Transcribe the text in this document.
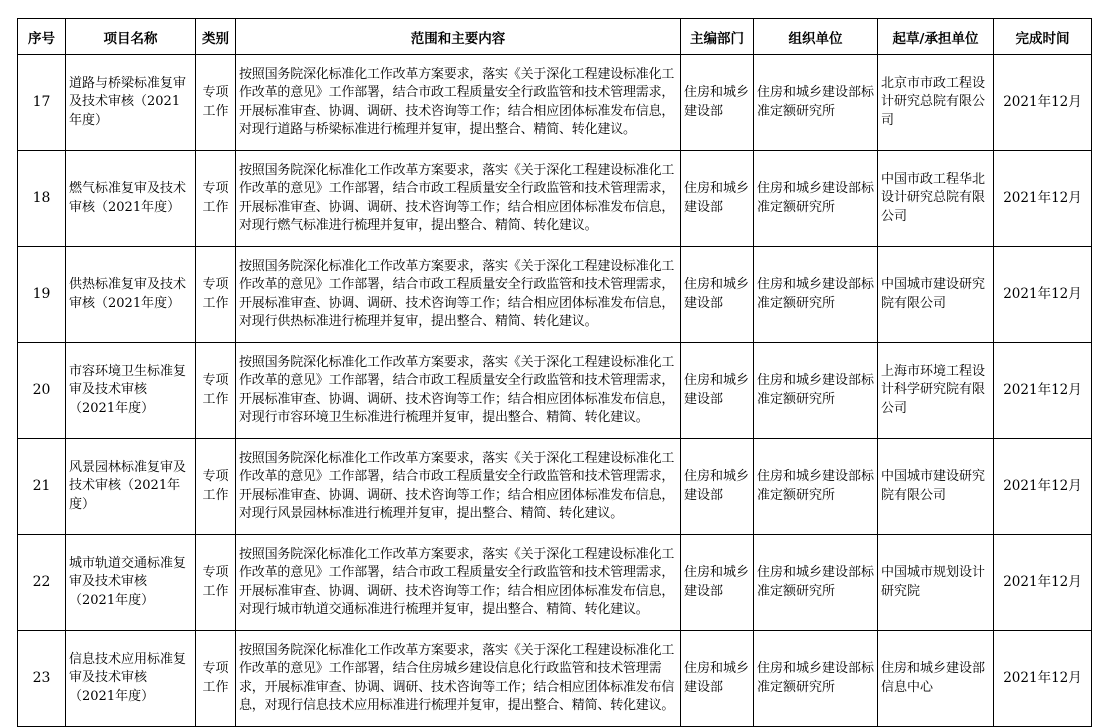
序号	项目名称	类别	范围和主要内容	主编部门	组织单位	起草/承担单位	完成时间
17	道路与桥梁标准复审及技术审核（2021年度）	专项工作	按照国务院深化标准化工作改革方案要求，落实《关于深化工程建设标准化工作改革的意见》工作部署，结合市政工程质量安全行政监管和技术管理需求，开展标准审查、协调、调研、技术咨询等工作；结合相应团体标准发布信息，对现行道路与桥梁标准进行梳理并复审，提出整合、精简、转化建议。	住房和城乡建设部	住房和城乡建设部标准定额研究所	北京市市政工程设计研究总院有限公司	2021年12月
18	燃气标准复审及技术审核（2021年度）	专项工作	按照国务院深化标准化工作改革方案要求，落实《关于深化工程建设标准化工作改革的意见》工作部署，结合市政工程质量安全行政监管和技术管理需求，开展标准审查、协调、调研、技术咨询等工作；结合相应团体标准发布信息，对现行燃气标准进行梳理并复审，提出整合、精简、转化建议。	住房和城乡建设部	住房和城乡建设部标准定额研究所	中国市政工程华北设计研究总院有限公司	2021年12月
19	供热标准复审及技术审核（2021年度）	专项工作	按照国务院深化标准化工作改革方案要求，落实《关于深化工程建设标准化工作改革的意见》工作部署，结合市政工程质量安全行政监管和技术管理需求，开展标准审查、协调、调研、技术咨询等工作；结合相应团体标准发布信息，对现行供热标准进行梳理并复审，提出整合、精简、转化建议。	住房和城乡建设部	住房和城乡建设部标准定额研究所	中国城市建设研究院有限公司	2021年12月
20	市容环境卫生标准复审及技术审核（2021年度）	专项工作	按照国务院深化标准化工作改革方案要求，落实《关于深化工程建设标准化工作改革的意见》工作部署，结合市政工程质量安全行政监管和技术管理需求，开展标准审查、协调、调研、技术咨询等工作；结合相应团体标准发布信息，对现行市容环境卫生标准进行梳理并复审，提出整合、精简、转化建议。	住房和城乡建设部	住房和城乡建设部标准定额研究所	上海市环境工程设计科学研究院有限公司	2021年12月
21	风景园林标准复审及技术审核（2021年度）	专项工作	按照国务院深化标准化工作改革方案要求，落实《关于深化工程建设标准化工作改革的意见》工作部署，结合市政工程质量安全行政监管和技术管理需求，开展标准审查、协调、调研、技术咨询等工作；结合相应团体标准发布信息，对现行风景园林标准进行梳理并复审，提出整合、精简、转化建议。	住房和城乡建设部	住房和城乡建设部标准定额研究所	中国城市建设研究院有限公司	2021年12月
22	城市轨道交通标准复审及技术审核（2021年度）	专项工作	按照国务院深化标准化工作改革方案要求，落实《关于深化工程建设标准化工作改革的意见》工作部署，结合市政工程质量安全行政监管和技术管理需求，开展标准审查、协调、调研、技术咨询等工作；结合相应团体标准发布信息，对现行城市轨道交通标准进行梳理并复审，提出整合、精简、转化建议。	住房和城乡建设部	住房和城乡建设部标准定额研究所	中国城市规划设计研究院	2021年12月
23	信息技术应用标准复审及技术审核（2021年度）	专项工作	按照国务院深化标准化工作改革方案要求，落实《关于深化工程建设标准化工作改革的意见》工作部署，结合住房城乡建设信息化行政监管和技术管理需求，开展标准审查、协调、调研、技术咨询等工作；结合相应团体标准发布信息，对现行信息技术应用标准进行梳理并复审，提出整合、精简、转化建议。	住房和城乡建设部	住房和城乡建设部标准定额研究所	住房和城乡建设部信息中心	2021年12月
